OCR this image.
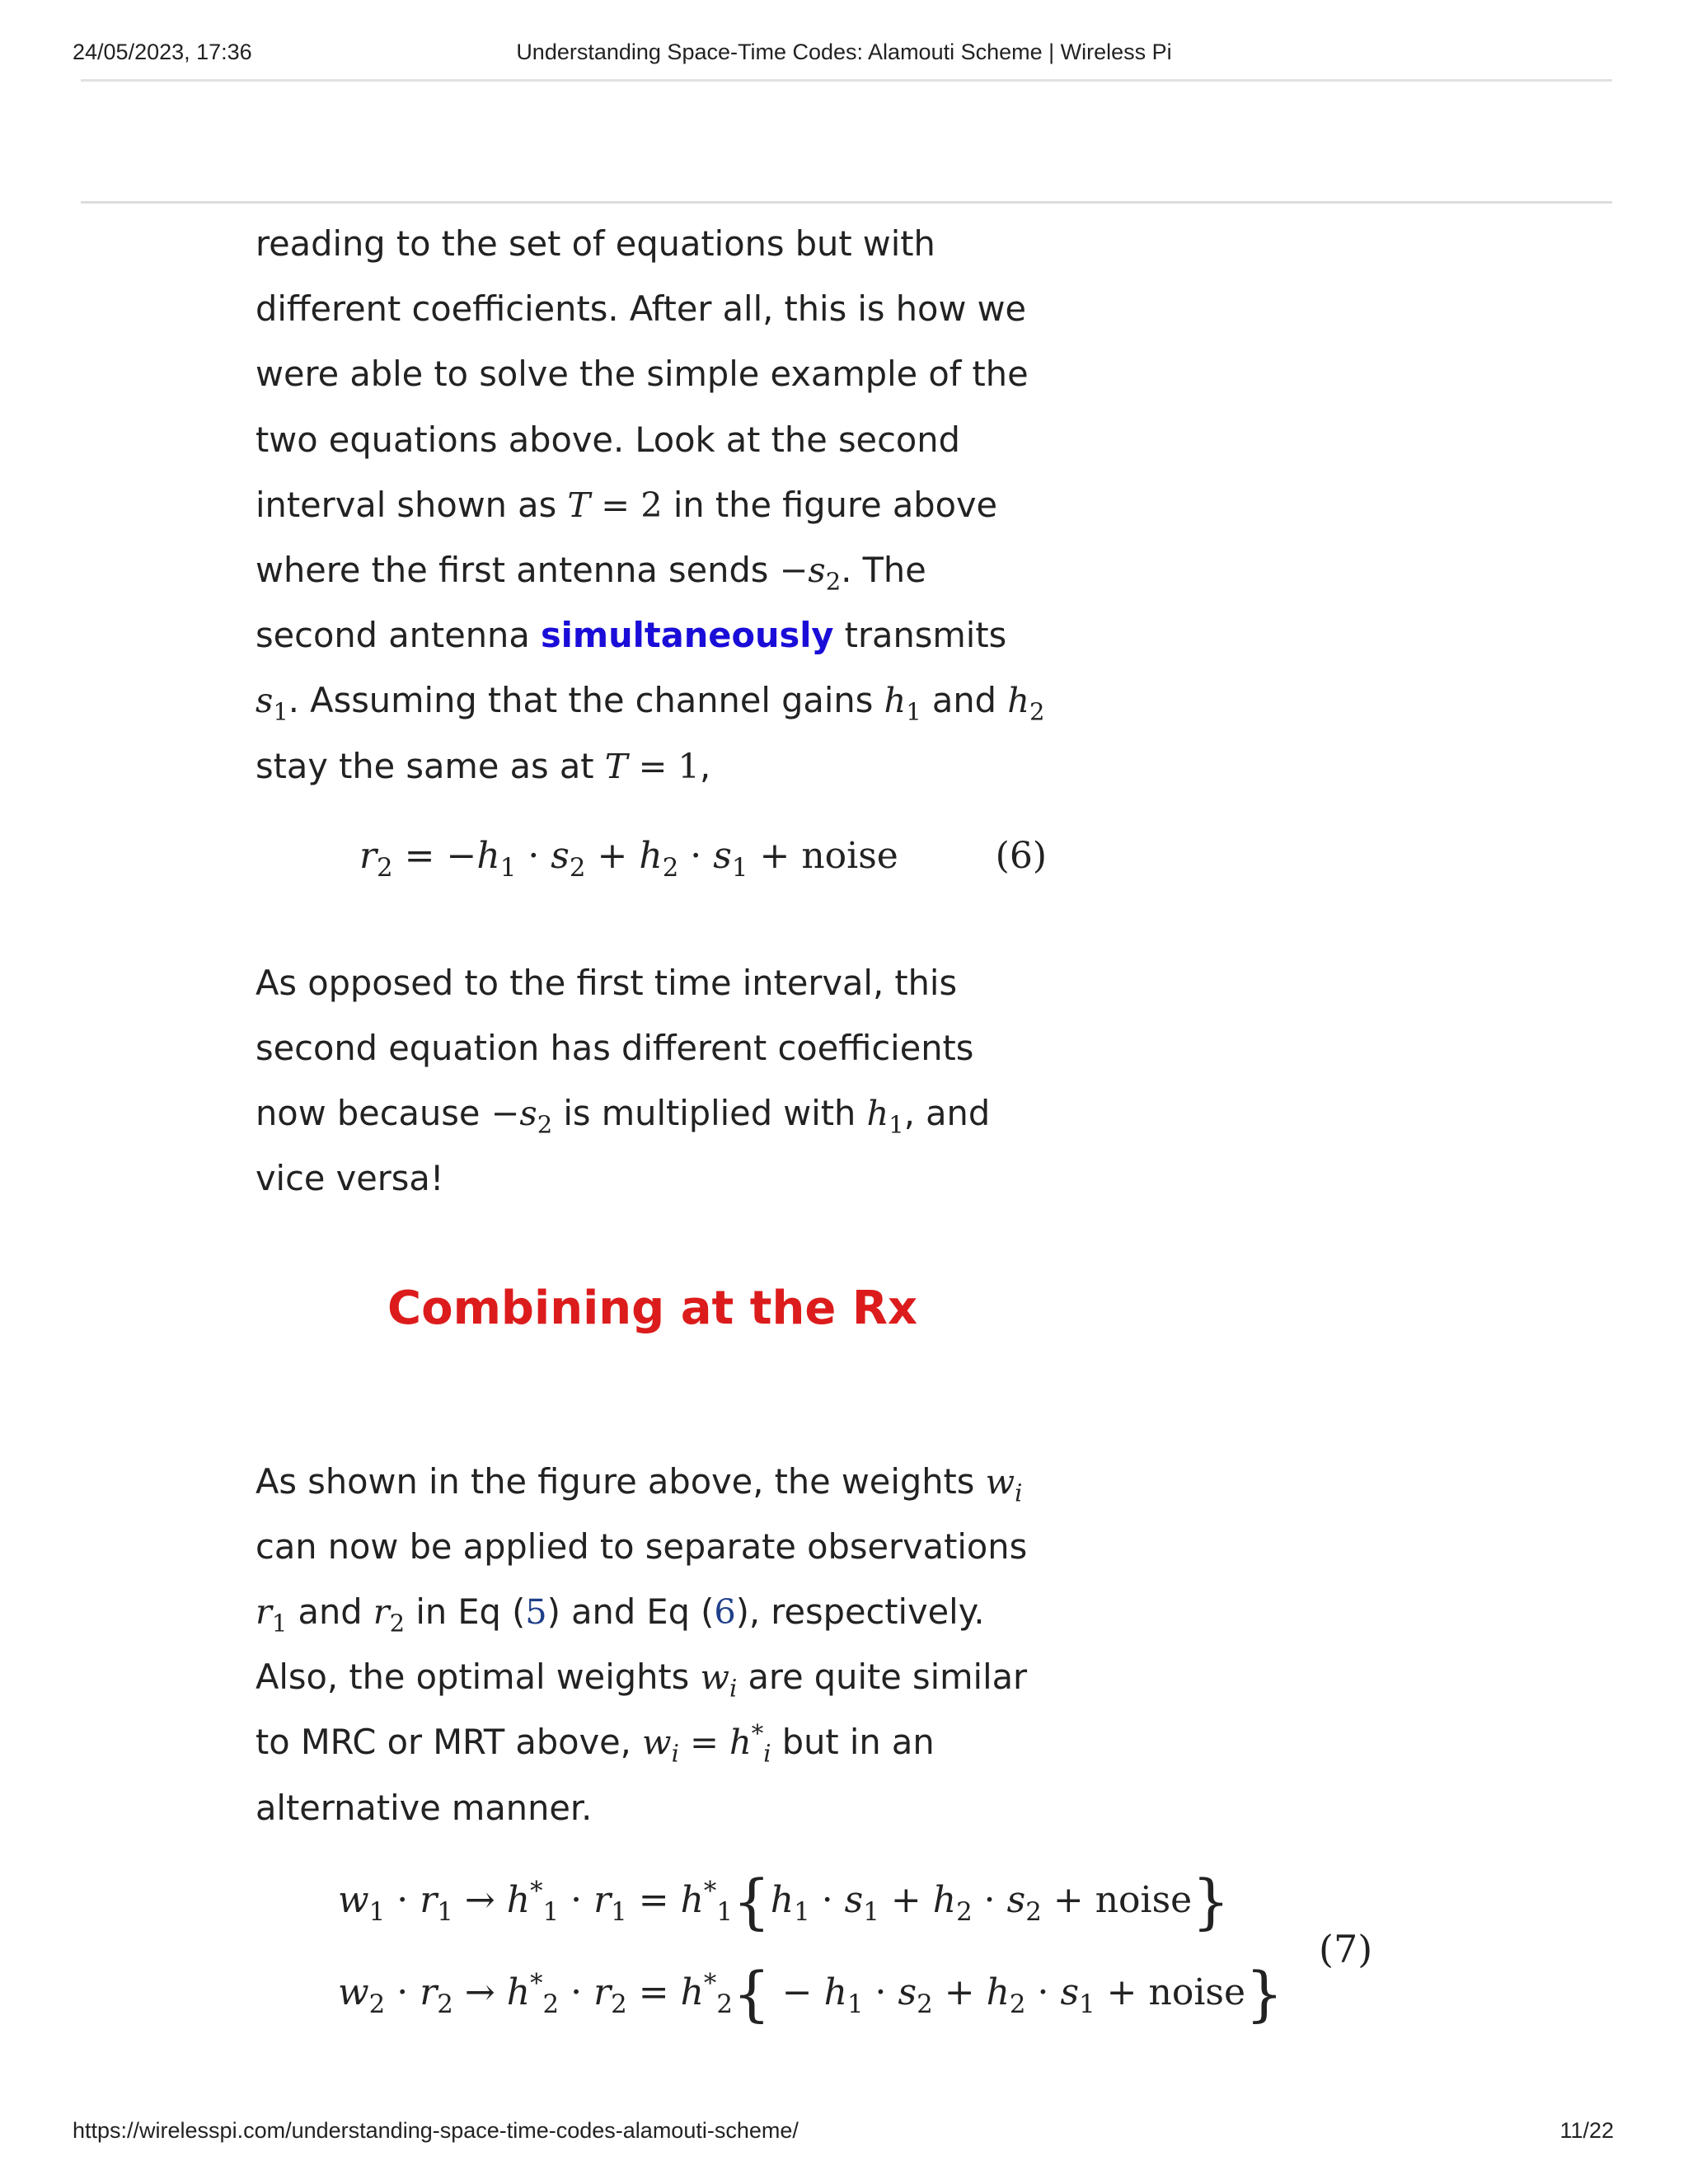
24/05/2023, 17:36	Understanding Space-Time Codes: Alamouti Scheme | Wireless Pi

reading to the set of equations but with different coefficients. After all, this is how we were able to solve the simple example of the two equations above. Look at the second interval shown as T = 2 in the figure above where the first antenna sends $-s_2$. The second antenna simultaneously transmits $s_1$. Assuming that the channel gains $h_1$ and $h_2$ stay the same as at T = 1,

$r_2 = -h_1 \cdot s_2 + h_2 \cdot s_1$ + noise	(6)

As opposed to the first time interval, this second equation has different coefficients now because $-s_2$ is multiplied with $h_1$, and vice versa!

Combining at the Rx

As shown in the figure above, the weights $w_i$ can now be applied to separate observations $r_1$ and $r_2$ in Eq (5) and Eq (6), respectively. Also, the optimal weights $w_i$ are quite similar to MRC or MRT above, $w_i = h^*_i$ but in an alternative manner.

$w_1 \cdot r_1 \to h^*_1 \cdot r_1 = h^*_1\{h_1 \cdot s_1 + h_2 \cdot s_2$ + noise}
$w_2 \cdot r_2 \to h^*_2 \cdot r_2 = h^*_2\{ - h_1 \cdot s_2 + h_2 \cdot s_1$ + noise}
(7)
https://wirelesspi.com/understanding-space-time-codes-alamouti-scheme/	11/22
